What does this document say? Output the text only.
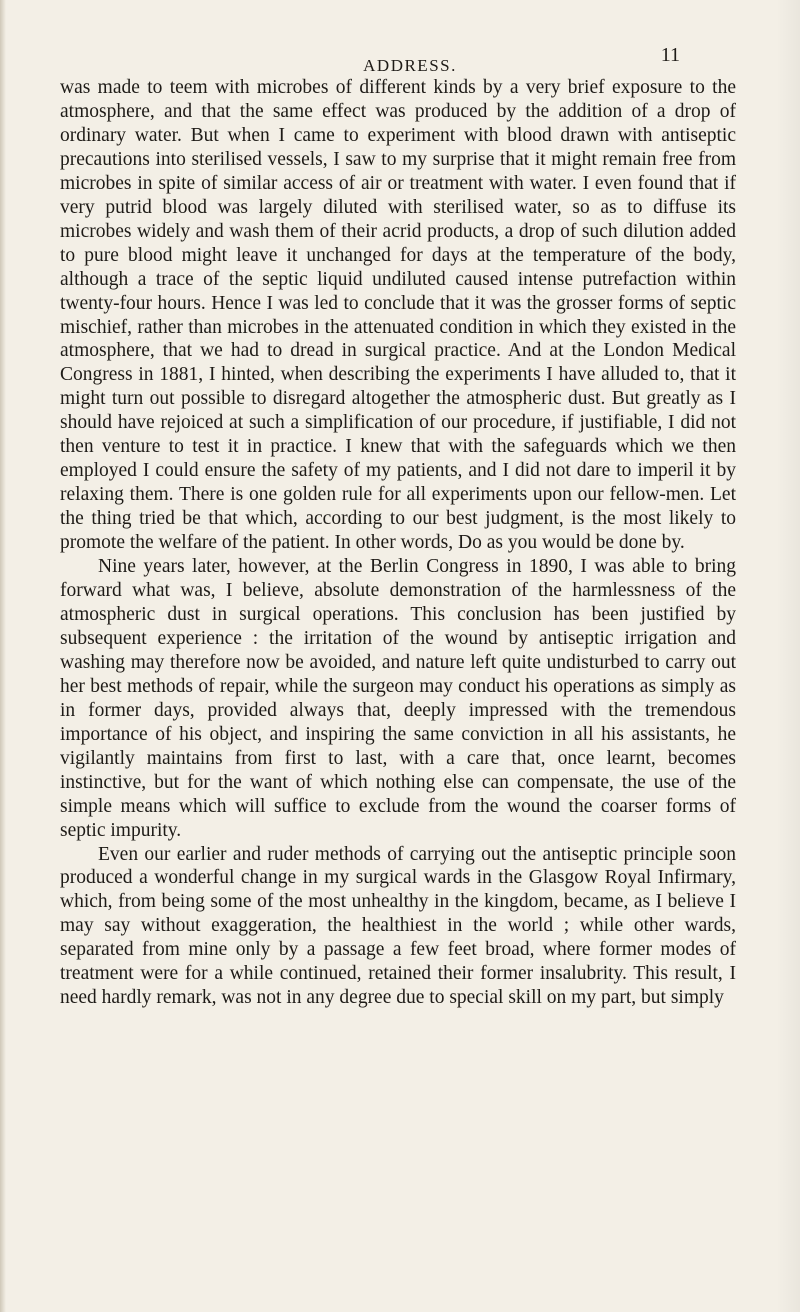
ADDRESS.	11

was made to teem with microbes of different kinds by a very brief exposure to the atmosphere, and that the same effect was produced by the addition of a drop of ordinary water. But when I came to experiment with blood drawn with antiseptic precautions into sterilised vessels, I saw to my surprise that it might remain free from microbes in spite of similar access of air or treatment with water. I even found that if very putrid blood was largely diluted with sterilised water, so as to diffuse its microbes widely and wash them of their acrid products, a drop of such dilution added to pure blood might leave it unchanged for days at the temperature of the body, although a trace of the septic liquid undiluted caused intense putrefaction within twenty-four hours. Hence I was led to conclude that it was the grosser forms of septic mischief, rather than microbes in the attenuated condition in which they existed in the atmosphere, that we had to dread in surgical practice. And at the London Medical Congress in 1881, I hinted, when describing the experiments I have alluded to, that it might turn out possible to disregard altogether the atmospheric dust. But greatly as I should have rejoiced at such a simplification of our procedure, if justifiable, I did not then venture to test it in practice. I knew that with the safeguards which we then employed I could ensure the safety of my patients, and I did not dare to imperil it by relaxing them. There is one golden rule for all experiments upon our fellow-men. Let the thing tried be that which, according to our best judgment, is the most likely to promote the welfare of the patient. In other words, Do as you would be done by.

Nine years later, however, at the Berlin Congress in 1890, I was able to bring forward what was, I believe, absolute demonstration of the harmlessness of the atmospheric dust in surgical operations. This conclusion has been justified by subsequent experience : the irritation of the wound by antiseptic irrigation and washing may therefore now be avoided, and nature left quite undisturbed to carry out her best methods of repair, while the surgeon may conduct his operations as simply as in former days, provided always that, deeply impressed with the tremendous importance of his object, and inspiring the same conviction in all his assistants, he vigilantly maintains from first to last, with a care that, once learnt, becomes instinctive, but for the want of which nothing else can compensate, the use of the simple means which will suffice to exclude from the wound the coarser forms of septic impurity.

Even our earlier and ruder methods of carrying out the antiseptic principle soon produced a wonderful change in my surgical wards in the Glasgow Royal Infirmary, which, from being some of the most unhealthy in the kingdom, became, as I believe I may say without exaggeration, the healthiest in the world ; while other wards, separated from mine only by a passage a few feet broad, where former modes of treatment were for a while continued, retained their former insalubrity. This result, I need hardly remark, was not in any degree due to special skill on my part, but simply
